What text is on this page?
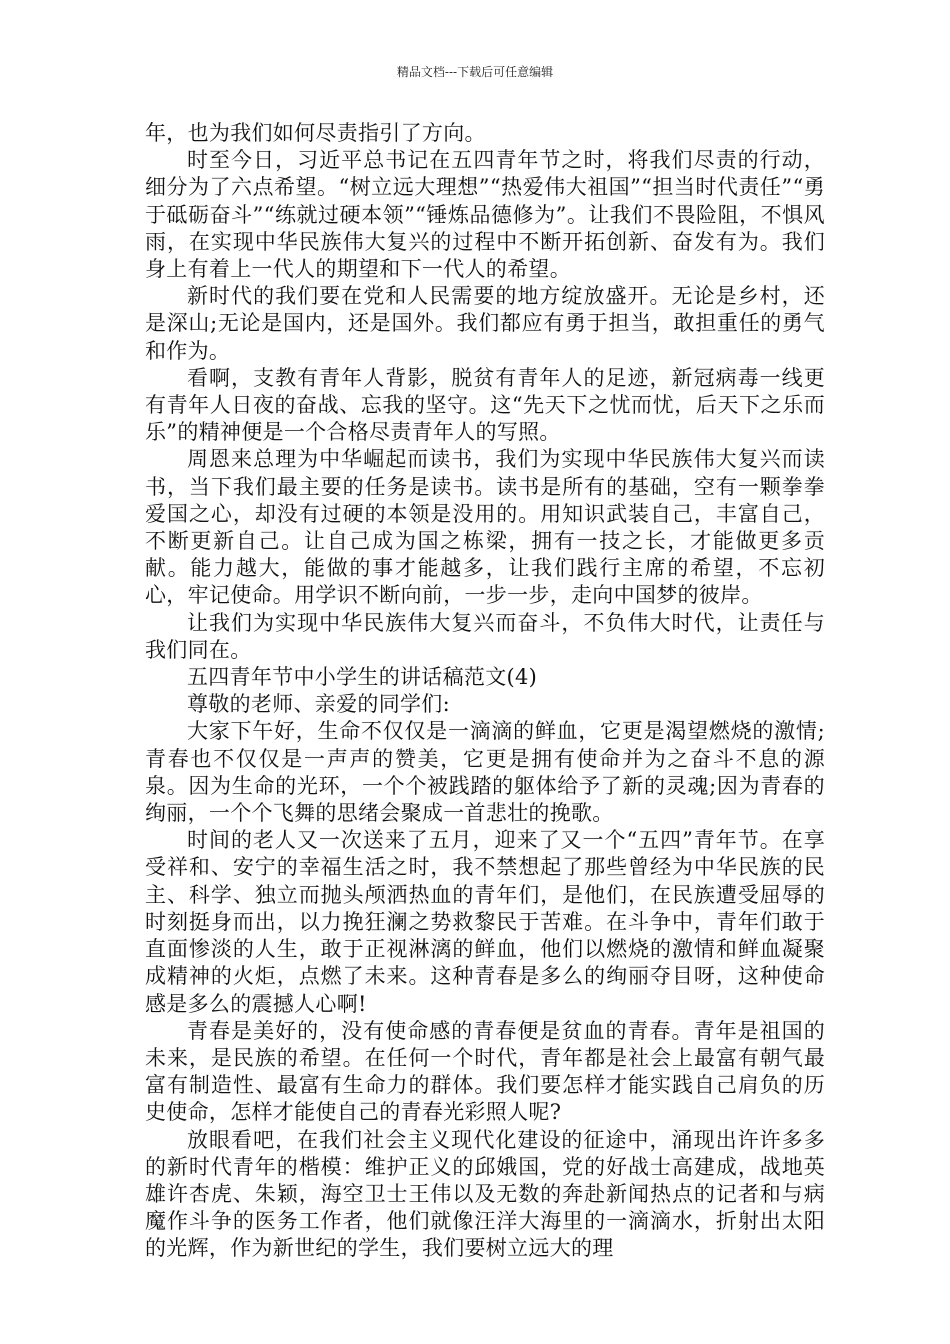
精品文档---下载后可任意编辑

年，也为我们如何尽责指引了方向。

时至今日，习近平总书记在五四青年节之时，将我们尽责的行动，细分为了六点希望。“树立远大理想”“热爱伟大祖国”“担当时代责任”“勇于砥砺奋斗”“练就过硬本领”“锤炼品德修为”。让我们不畏险阻，不惧风雨，在实现中华民族伟大复兴的过程中不断开拓创新、奋发有为。我们身上有着上一代人的期望和下一代人的希望。

新时代的我们要在党和人民需要的地方绽放盛开。无论是乡村，还是深山;无论是国内，还是国外。我们都应有勇于担当，敢担重任的勇气和作为。

看啊，支教有青年人背影，脱贫有青年人的足迹，新冠病毒一线更有青年人日夜的奋战、忘我的坚守。这“先天下之忧而忧，后天下之乐而乐”的精神便是一个合格尽责青年人的写照。

周恩来总理为中华崛起而读书，我们为实现中华民族伟大复兴而读书，当下我们最主要的任务是读书。读书是所有的基础，空有一颗拳拳爱国之心，却没有过硬的本领是没用的。用知识武装自己，丰富自己，不断更新自己。让自己成为国之栋梁，拥有一技之长，才能做更多贡献。能力越大，能做的事才能越多，让我们践行主席的希望，不忘初心，牢记使命。用学识不断向前，一步一步，走向中国梦的彼岸。

让我们为实现中华民族伟大复兴而奋斗，不负伟大时代，让责任与我们同在。

五四青年节中小学生的讲话稿范文(4)

尊敬的老师、亲爱的同学们:

大家下午好，生命不仅仅是一滴滴的鲜血，它更是渴望燃烧的激情;青春也不仅仅是一声声的赞美，它更是拥有使命并为之奋斗不息的源泉。因为生命的光环，一个个被践踏的躯体给予了新的灵魂;因为青春的绚丽，一个个飞舞的思绪会聚成一首悲壮的挽歌。

时间的老人又一次送来了五月，迎来了又一个“五四”青年节。在享受祥和、安宁的幸福生活之时，我不禁想起了那些曾经为中华民族的民主、科学、独立而抛头颅洒热血的青年们，是他们，在民族遭受屈辱的时刻挺身而出，以力挽狂澜之势救黎民于苦难。在斗争中，青年们敢于直面惨淡的人生，敢于正视淋漓的鲜血，他们以燃烧的激情和鲜血凝聚成精神的火炬，点燃了未来。这种青春是多么的绚丽夺目呀，这种使命感是多么的震撼人心啊!

青春是美好的，没有使命感的青春便是贫血的青春。青年是祖国的未来，是民族的希望。在任何一个时代，青年都是社会上最富有朝气最富有制造性、最富有生命力的群体。我们要怎样才能实践自己肩负的历史使命，怎样才能使自己的青春光彩照人呢?

放眼看吧，在我们社会主义现代化建设的征途中，涌现出许许多多的新时代青年的楷模：维护正义的邱娥国，党的好战士高建成，战地英雄许杏虎、朱颖，海空卫士王伟以及无数的奔赴新闻热点的记者和与病魔作斗争的医务工作者，他们就像汪洋大海里的一滴滴水，折射出太阳的光辉，作为新世纪的学生，我们要树立远大的理
